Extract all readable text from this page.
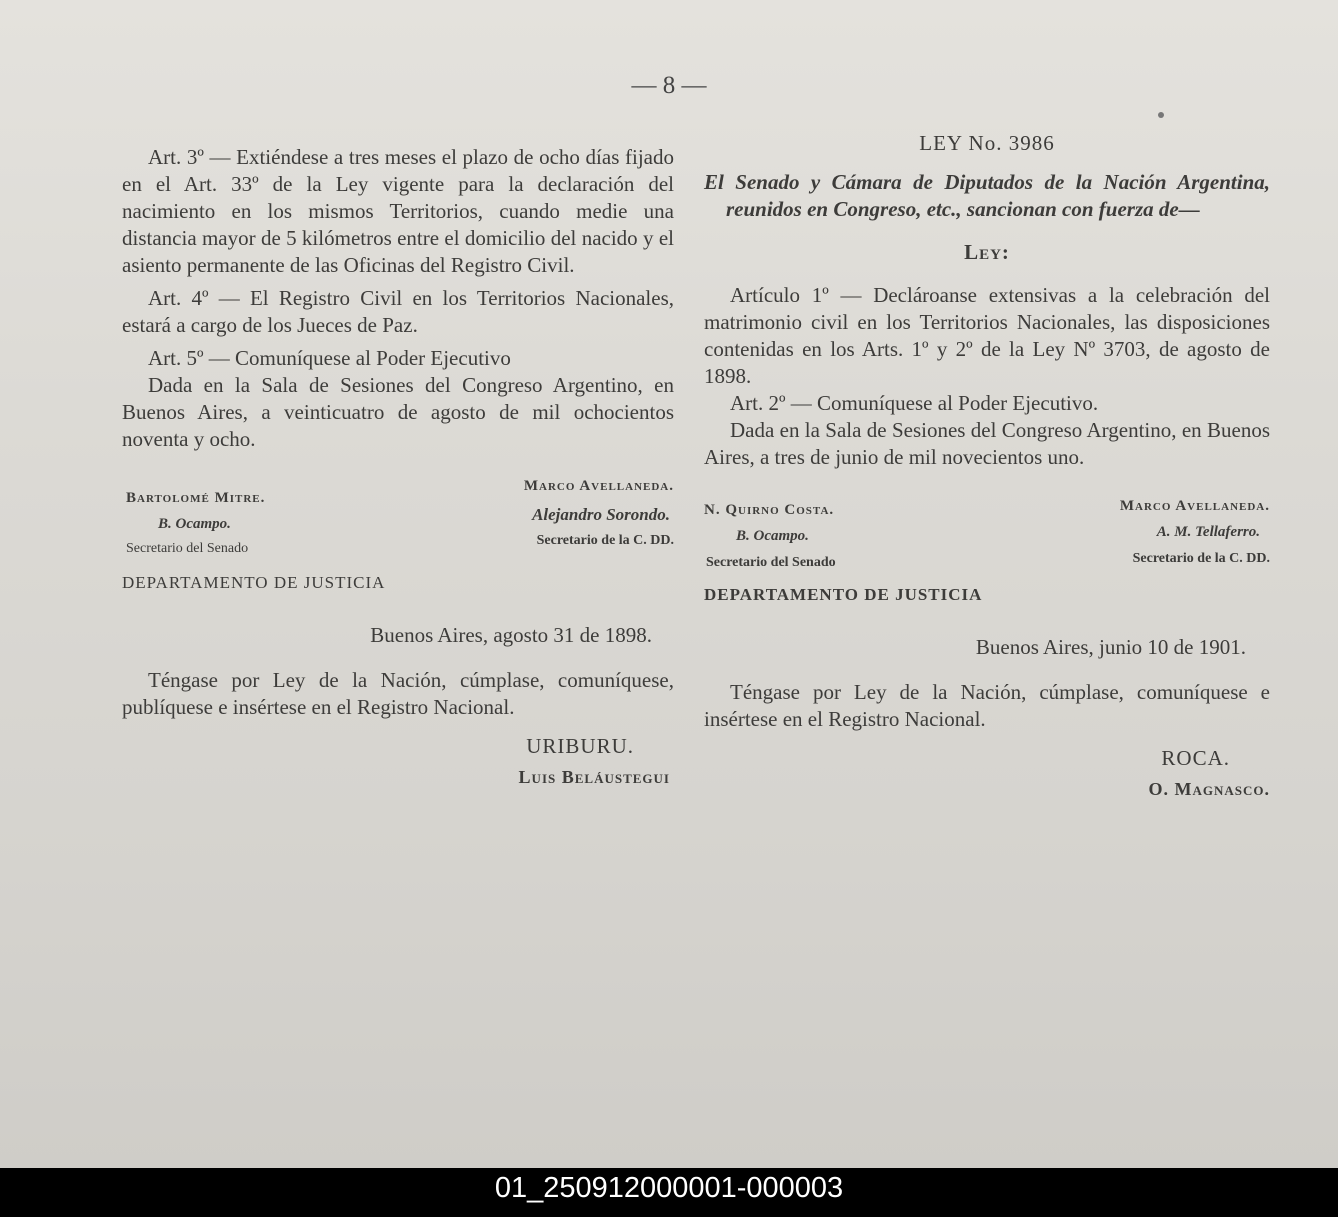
— 8 —

Art. 3º — Extiéndese a tres meses el plazo de ocho días fijado en el Art. 33º de la Ley vigente para la declaración del nacimiento en los mismos Territorios, cuando medie una distancia mayor de 5 kilómetros entre el domicilio del nacido y el asiento permanente de las Oficinas del Registro Civil.

Art. 4º — El Registro Civil en los Territorios Nacionales, estará a cargo de los Jueces de Paz.

Art. 5º — Comuníquese al Poder Ejecutivo

Dada en la Sala de Sesiones del Congreso Argentino, en Buenos Aires, a veinticuatro de agosto de mil ochocientos noventa y ocho.

Bartolomé Mitre.
B. Ocampo.
Secretario del Senado
Marco Avellaneda.
Alejandro Sorondo.
Secretario de la C. DD.
DEPARTAMENTO DE JUSTICIA
Buenos Aires, agosto 31 de 1898.

Téngase por Ley de la Nación, cúmplase, comuníquese, publíquese e insértese en el Registro Nacional.

URIBURU.
Luis Beláustegui
LEY No. 3986

El Senado y Cámara de Diputados de la Nación Argentina, reunidos en Congreso, etc., sancionan con fuerza de—

Ley:

Artículo 1º — Declároanse extensivas a la celebración del matrimonio civil en los Territorios Nacionales, las disposiciones contenidas en los Arts. 1º y 2º de la Ley Nº 3703, de agosto de 1898.

Art. 2º — Comuníquese al Poder Ejecutivo.

Dada en la Sala de Sesiones del Congreso Argentino, en Buenos Aires, a tres de junio de mil novecientos uno.

N. Quirno Costa.
B. Ocampo.
Secretario del Senado
Marco Avellaneda.
A. M. Tellaferro.
Secretario de la C. DD.
DEPARTAMENTO DE JUSTICIA
Buenos Aires, junio 10 de 1901.

Téngase por Ley de la Nación, cúmplase, comuníquese e insértese en el Registro Nacional.

ROCA.
O. Magnasco.
01_250912000001-000003
